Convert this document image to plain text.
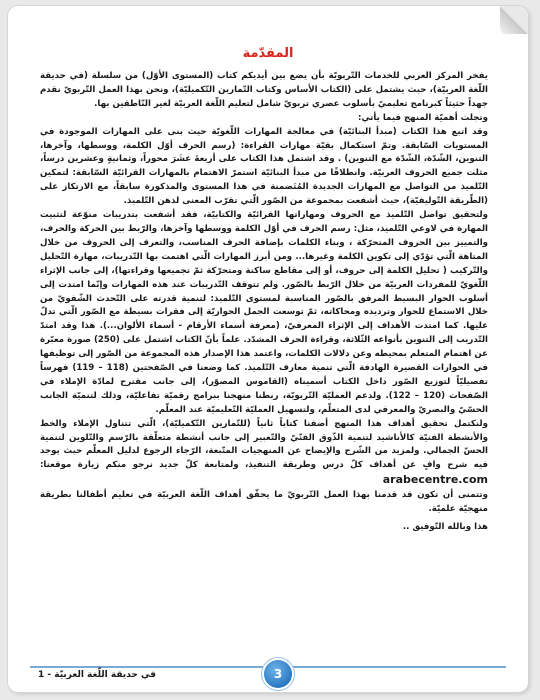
المقدّمة

يفخر المركز العربي للخدمات التّربويّة بأن يضع بين أيديكم كتاب (المستوى الأوّل) من سلسلة (في حديقة اللّغة العربيّة)، حيث يشتمل على (الكتاب الأساس وكتاب التّمارين التّكميليّة)، ونحن بهذا العمل التّربويّ نقدم جهداً حثيثاً كبرنامج تعليميّ بأسلوب عصري تربويّ شامل لتعليم اللّغة العربيّة لغير النّاطقين بها.

وتجلت أهميّة المنهج فيما يأتي:

وقد اتبع هذا الكتاب (مبدأ البنائيّة) في معالجة المهارات اللّغويّة حيث بنى على المهارات الموجودة في المستويات السّابقة. وتمّ استكمال بقيّة مهارات القراءة: (رسم الحرف أوّل الكلمة، ووسطها، وآخرها، التنوين، الشّدّة، الشّدّة مع التنوين) . وقد اشتمل هذا الكتاب على أربعةَ عشَرَ محوراً، وثمانيةٍ وعشرين درساً، مثلت جميع الحروف العربيّة. وانطلاقًا من مبدأ البنائيّة استمرّ الاهتمام بالمهارات القرائيّة السّابقة: لتمكين التّلميذ من التواصل مع المهارات الجديدة المُتَضمنة في هذا المستوى والمذكورة سابقاً، مع الارتكاز على (الطّريقة التّوليفيّة)، حيث أشفعت بمجموعة من الصّور الّتي تقرّب المعنى لذهن التّلميذ.

ولتحقيق تواصل التّلميذ مع الحروف ومهاراتها القرائيّة والكتابيّة، فقد أشفعت بتدريبات منوّعة لتثبيت المهارة في لاوعي التّلميذ، مثل: رسم الحرف في أوّل الكلمة ووسطها وآخرها، والرّبط بين الحركة والحرف، والتمييز بين الحروف المتحرّكة ، وبناء الكلمات بإضافة الحرف المناسب، والتعرف إلى الحروف من خلال المتاهة الّتي تؤدّي إلى تكوين الكلمة وغيرها... ومن أبرز المهارات الّتي اهتمت بها التّدريبات، مهارة التّحليل والتّركيب ( تحليل الكلمة إلى حروف، أو إلى مقاطع ساكنة ومتحرّكة ثمّ تجميعها وقراءتها)، إلى جانب الإثراء اللّغويّ للمفردات العربيّة من خلال الرّبط بالصّور. ولم تتوقف التّدريبات عند هذه المهارات وإنّما امتدت إلى أسلوب الحوار البسيط المرفق بالصّور المناسبة لمستوى التّلميذ: لتنمية قدرته على التّحدث الشّفويّ من خلال الاستماع للحوار وترديده ومحاكاته، ثمّ توسعت الجمل الحواريّة إلى فقرات بسيطة مع الصّور الّتي تدلّ عليها. كما امتدت الأهداف إلى الإثراء المعرفيّ، (معرفة أسماء الأرقام - أسماء الألوان...). هذا وقد امتدّ التّدريب إلى التنوين بأنواعه الثّلاثة، وقراءة الحرف المشدّد. علماً بأنّ الكتاب اشتمل على (250) صورة معبّرة عن اهتمام المتعلم بمحيطه وعن دلالات الكلمات، واعتمد هذا الإصدار هذه المجموعة من الصّور إلى توظيفها في الحوارات القصيرة الهادفة الّتي تنمية معارف التّلميذ. كما وضعنا في الصّفحتين (118 – 119) فهرساً تفصيليّاً لتوزيع الصّور داخل الكتاب أسميناه (القاموس المصوّر)، إلى جانب مقترح لمادّة الإملاء في الصّفحات (120 – 122). ولدعم العمليّة التّربويّة، ربطنا منهجنا ببرامج رقميّة تفاعليّة، وذلك لتنميّة الجانب الحسّيّ والبصريّ والمعرفي لدى المتعلّم، ولتسهيل العمليّة التّعليميّة عند المعلّم.

ولنكتمل تحقيق أهداف هذا المنهج أضفنا كتاباً ثانياً (للتّمارين التّكميليّة)، الّتي تتناول الإملاء والخط والأنشطة الفنيّة كالأناشيد لتنمية الذّوق الفنّيّ والتّعبير إلى جانب أنشطة متعلّقة بالرّسم والتّلوين لتنمية الحسّ الجمالي. ولمزيد من الشّرح والإيضاح عن المنهجيات المتّبعة، الرّجاء الرجوع لدليل المعلّم حيث يوجد فيه شرح وافٍ عن أهداف كلّ درس وطريقة التنفيذ، ولمتابعة كلّ جديد نرجو منكم زيارة موقعنا: arabecentre.com

وتتمنى أن تكون قد قدمنا بهذا العمل التّربويّ ما يحقّق أهداف اللّغة العربيّة في تعليم أطفالنا بطريقة منهجيّة علميّة.

هذا وبالله التّوفيق ..

3
في حديقة اللّغة العربيّة - 1
